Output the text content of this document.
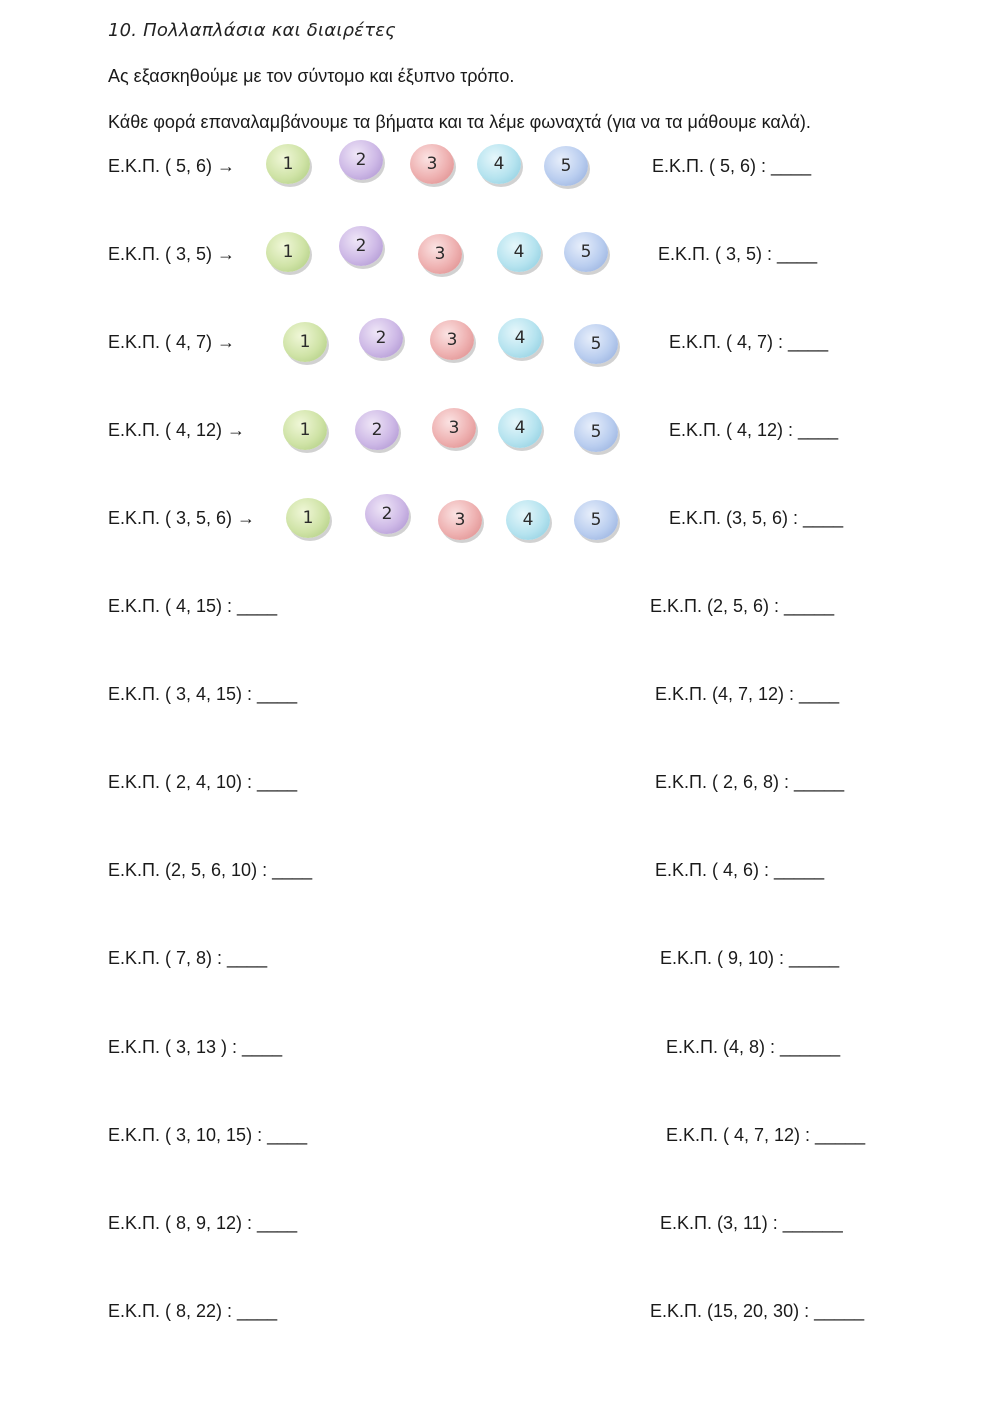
10. Πολλαπλάσια και διαιρέτες
Ας εξασκηθούμε με τον σύντομο και έξυπνο τρόπο.
Κάθε φορά επαναλαμβάνουμε τα βήματα και τα λέμε φωναχτά (για να τα μάθουμε καλά).
Ε.Κ.Π. ( 5, 6) →	1	2	3	4	5	Ε.Κ.Π. ( 5, 6) : ____
Ε.Κ.Π. ( 3, 5) →	1	2	3	4	5	Ε.Κ.Π. ( 3, 5) : ____
Ε.Κ.Π. ( 4, 7) →	1	2	3	4	5	Ε.Κ.Π. ( 4, 7) : ____
Ε.Κ.Π. ( 4, 12) →	1	2	3	4	5	Ε.Κ.Π. ( 4, 12) : ____
Ε.Κ.Π. ( 3, 5, 6) →	1	2	3	4	5	Ε.Κ.Π. (3, 5, 6) : ____
Ε.Κ.Π. ( 4, 15) : ____	Ε.Κ.Π. (2, 5, 6) : _____
Ε.Κ.Π. ( 3, 4, 15) : ____	Ε.Κ.Π. (4, 7, 12) : ____
Ε.Κ.Π. ( 2, 4, 10) : ____	Ε.Κ.Π. ( 2, 6, 8) : _____
Ε.Κ.Π. (2, 5, 6, 10) : ____	Ε.Κ.Π. ( 4, 6) : _____
Ε.Κ.Π. ( 7, 8) : ____	Ε.Κ.Π. ( 9, 10) : _____
Ε.Κ.Π. ( 3, 13 ) : ____	Ε.Κ.Π. (4, 8) : ______
Ε.Κ.Π. ( 3, 10, 15) : ____	Ε.Κ.Π. ( 4, 7, 12) : _____
Ε.Κ.Π. ( 8, 9, 12) : ____	Ε.Κ.Π. (3, 11) : ______
Ε.Κ.Π. ( 8, 22) : ____	Ε.Κ.Π. (15, 20, 30) : _____
